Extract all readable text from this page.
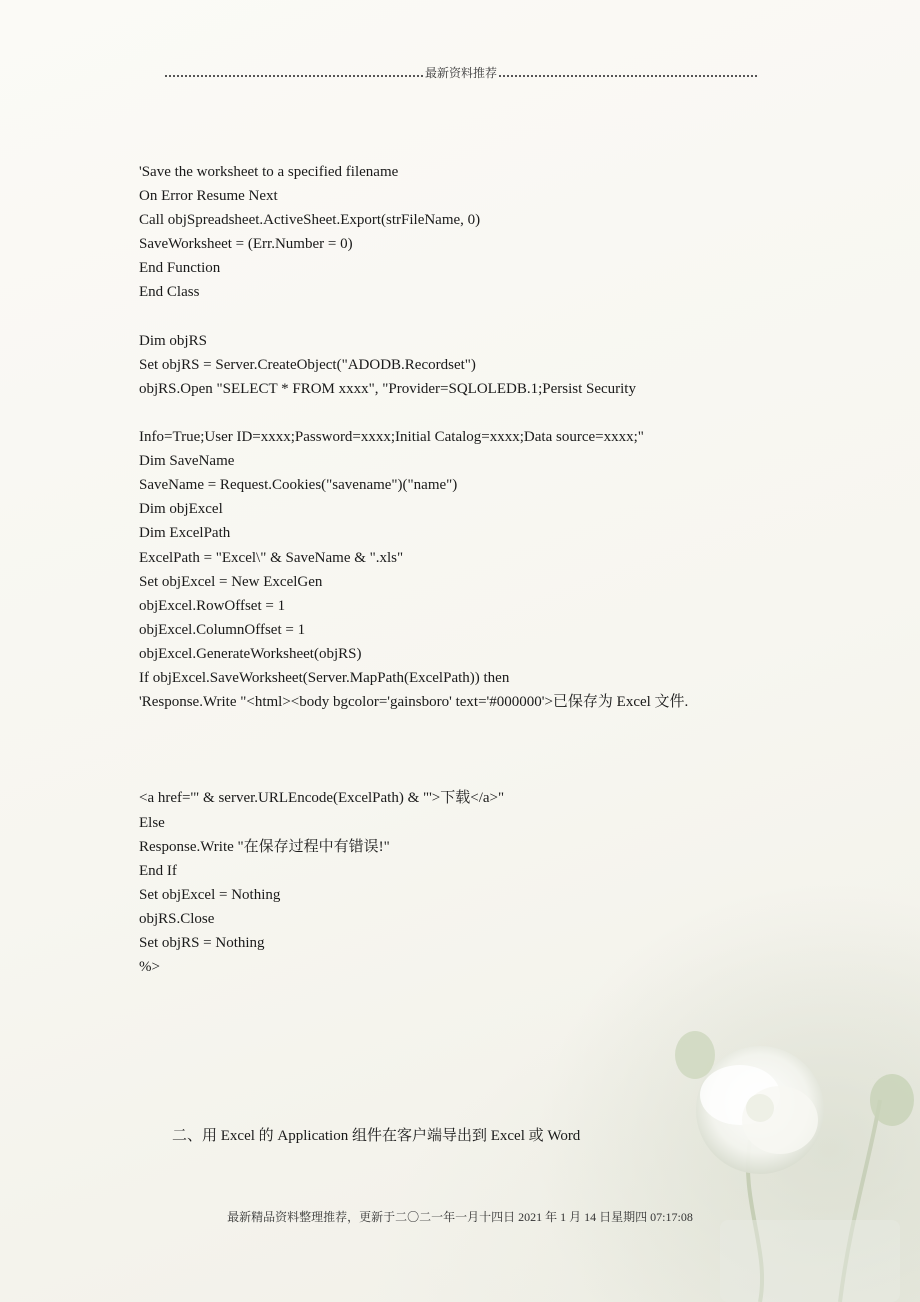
最新资料推荐
'Save the worksheet to a specified filename
On Error Resume Next
Call objSpreadsheet.ActiveSheet.Export(strFileName, 0)
SaveWorksheet = (Err.Number = 0)
End Function
End Class
Dim objRS
Set objRS = Server.CreateObject("ADODB.Recordset")
objRS.Open "SELECT * FROM xxxx", "Provider=SQLOLEDB.1;Persist Security
Info=True;User ID=xxxx;Password=xxxx;Initial Catalog=xxxx;Data source=xxxx;"
Dim SaveName
SaveName = Request.Cookies("savename")("name")
Dim objExcel
Dim ExcelPath
ExcelPath = "Excel\" & SaveName & ".xls"
Set objExcel = New ExcelGen
objExcel.RowOffset = 1
objExcel.ColumnOffset = 1
objExcel.GenerateWorksheet(objRS)
If objExcel.SaveWorksheet(Server.MapPath(ExcelPath)) then
'Response.Write "<html><body bgcolor='gainsboro' text='#000000'>已保存为 Excel 文件.
<a href='" & server.URLEncode(ExcelPath) & "'>下载</a>"
Else
Response.Write "在保存过程中有错误!"
End If
Set objExcel = Nothing
objRS.Close
Set objRS = Nothing
%>
二、用 Excel 的 Application 组件在客户端导出到 Excel 或 Word
最新精品资料整理推荐，更新于二〇二一年一月十四日 2021 年 1 月 14 日星期四 07:17:08
